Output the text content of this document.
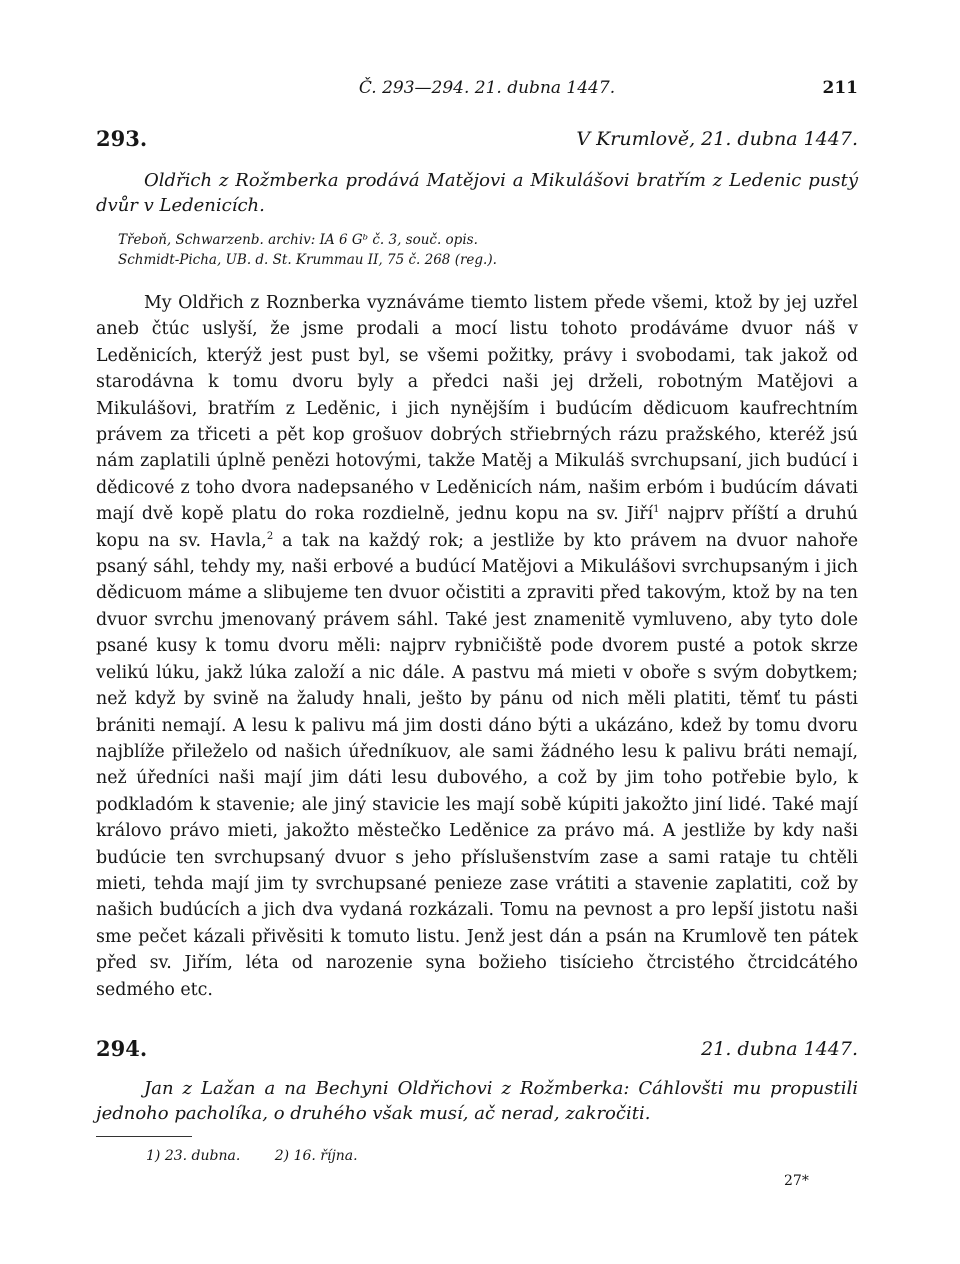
Č. 293—294. 21. dubna 1447.	211
293.	V Krumlově, 21. dubna 1447.

Oldřich z Rožmberka prodává Matějovi a Mikulášovi bratřím z Ledenic pustý dvůr v Ledenicích.

Třeboň, Schwarzenb. archiv: IA 6 Gᵇ č. 3, souč. opis.
Schmidt-Picha, UB. d. St. Krummau II, 75 č. 268 (reg.).

My Oldřich z Roznberka vyznáváme tiemto listem přede všemi, ktož by jej uzřel aneb čtúc uslyší, že jsme prodali a mocí listu tohoto prodáváme dvuor náš v Leděnicích, kterýž jest pust byl, se všemi požitky, právy i svobodami, tak jakož od starodávna k tomu dvoru byly a předci naši jej drželi, robotným Matějovi a Mikulášovi, bratřím z Leděnic, i jich nynějším i budúcím dědicuom kaufrechtním právem za třiceti a pět kop grošuov dobrých střiebrných rázu pražského, kteréž jsú nám zaplatili úplně penězi hotovými, takže Matěj a Mikuláš svrchupsaní, jich budúcí i dědicové z toho dvora nadepsaného v Leděnicích nám, našim erbóm i budúcím dávati mají dvě kopě platu do roka rozdielně, jednu kopu na sv. Jiří$^1$ najprv příští a druhú kopu na sv. Havla,$^2$ a tak na každý rok; a jestliže by kto právem na dvuor nahoře psaný sáhl, tehdy my, naši erbové a budúcí Matějovi a Mikulášovi svrchupsaným i jich dědicuom máme a slibujeme ten dvuor očistiti a zpraviti před takovým, ktož by na ten dvuor svrchu jmenovaný právem sáhl. Také jest znamenitě vymluveno, aby tyto dole psané kusy k tomu dvoru měli: najprv rybničiště pode dvorem pusté a potok skrze velikú lúku, jakž lúka založí a nic dále. A pastvu má mieti v oboře s svým dobytkem; než když by svině na žaludy hnali, ješto by pánu od nich měli platiti, těmť tu pásti brániti nemají. A lesu k palivu má jim dosti dáno býti a ukázáno, kdež by tomu dvoru najblíže přileželo od našich úředníkuov, ale sami žádného lesu k palivu bráti nemají, než úředníci naši mají jim dáti lesu dubového, a což by jim toho potřebie bylo, k podkladóm k stavenie; ale jiný stavicie les mají sobě kúpiti jakožto jiní lidé. Také mají královo právo mieti, jakožto městečko Leděnice za právo má. A jestliže by kdy naši budúcie ten svrchupsaný dvuor s jeho příslušenstvím zase a sami rataje tu chtěli mieti, tehda mají jim ty svrchupsané penieze zase vrátiti a stavenie zaplatiti, což by našich budúcích a jich dva vydaná rozkázali. Tomu na pevnost a pro lepší jistotu naši sme pečet kázali přivěsiti k tomuto listu. Jenž jest dán a psán na Krumlově ten pátek před sv. Jiřím, léta od narozenie syna božieho tisícieho čtrcistého čtrcidcátého sedmého etc.

294.	21. dubna 1447.

Jan z Lažan a na Bechyni Oldřichovi z Rožmberka: Cáhlovšti mu propustili jednoho pacholíka, o druhého však musí, ač nerad, zakročiti.

1) 23. dubna. 2) 16. října.
27*
